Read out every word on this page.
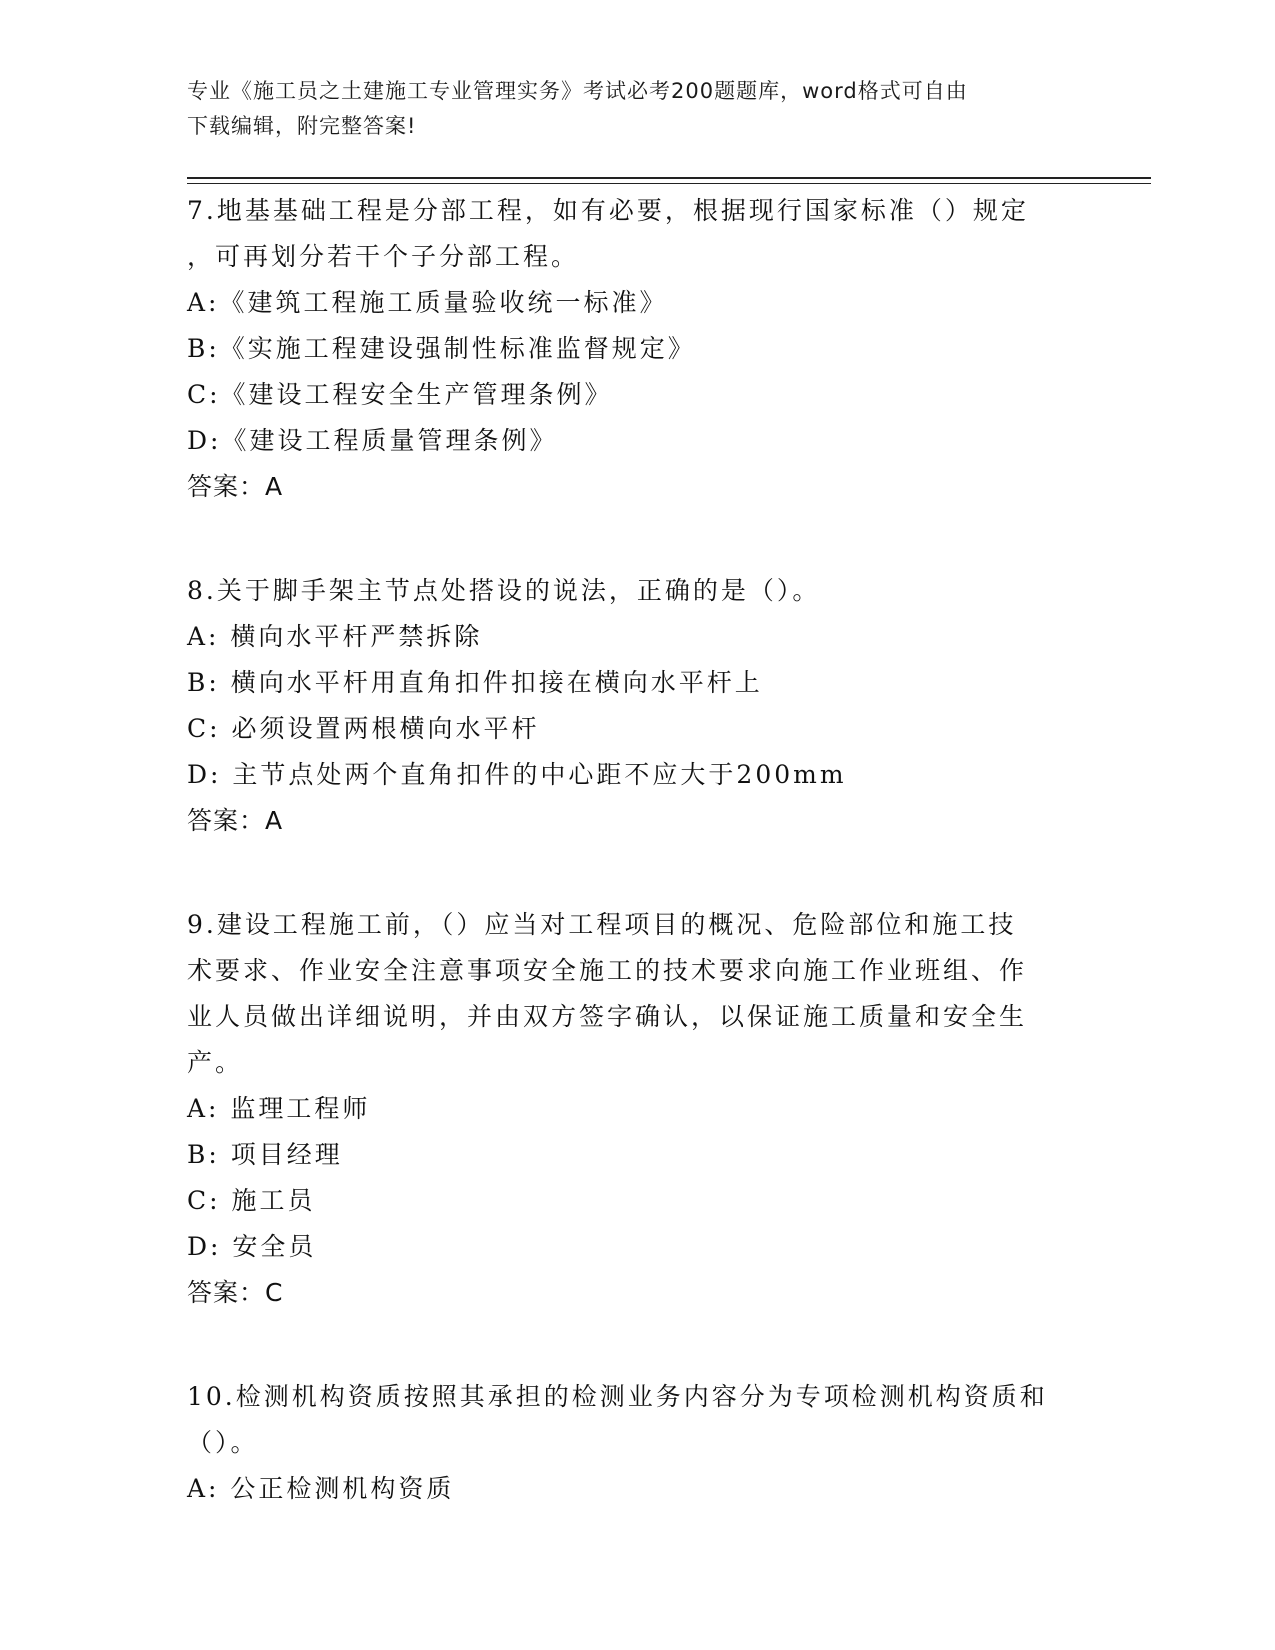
专业《施工员之土建施工专业管理实务》考试必考200题题库，word格式可自由
下载编辑，附完整答案!
7.地基基础工程是分部工程，如有必要，根据现行国家标准（）规定
，可再划分若干个子分部工程。
A:《建筑工程施工质量验收统一标准》
B:《实施工程建设强制性标准监督规定》
C:《建设工程安全生产管理条例》
D:《建设工程质量管理条例》
答案：A
8.关于脚手架主节点处搭设的说法，正确的是（）。
A: 横向水平杆严禁拆除
B: 横向水平杆用直角扣件扣接在横向水平杆上
C: 必须设置两根横向水平杆
D: 主节点处两个直角扣件的中心距不应大于200mm
答案：A
9.建设工程施工前，（）应当对工程项目的概况、危险部位和施工技
术要求、作业安全注意事项安全施工的技术要求向施工作业班组、作
业人员做出详细说明，并由双方签字确认，以保证施工质量和安全生
产。
A: 监理工程师
B: 项目经理
C: 施工员
D: 安全员
答案：C
10.检测机构资质按照其承担的检测业务内容分为专项检测机构资质和
（）。
A: 公正检测机构资质
